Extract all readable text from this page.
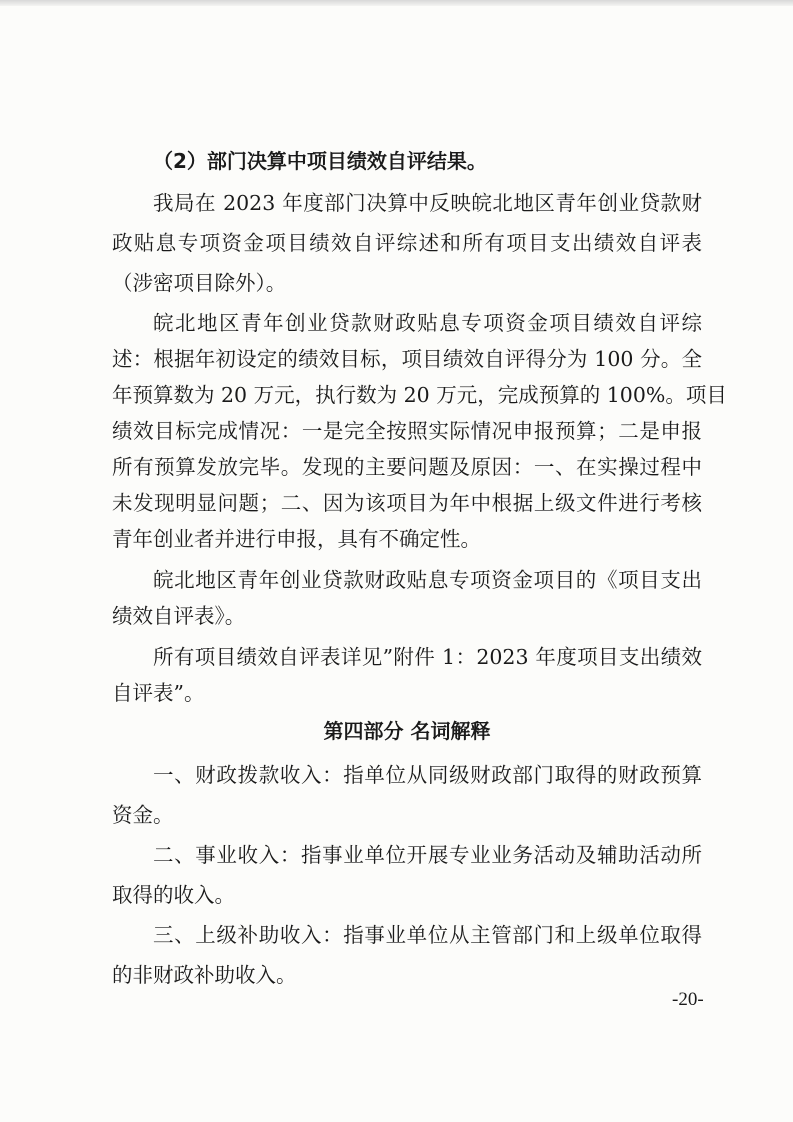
（2）部门决算中项目绩效自评结果。
我局在 2023 年度部门决算中反映皖北地区青年创业贷款财
政贴息专项资金项目绩效自评综述和所有项目支出绩效自评表
（涉密项目除外）。
皖北地区青年创业贷款财政贴息专项资金项目绩效自评综
述：根据年初设定的绩效目标，项目绩效自评得分为 100 分。全
年预算数为 20 万元，执行数为 20 万元，完成预算的 100%。项目
绩效目标完成情况：一是完全按照实际情况申报预算；二是申报
所有预算发放完毕。发现的主要问题及原因：一、在实操过程中
未发现明显问题；二、因为该项目为年中根据上级文件进行考核
青年创业者并进行申报，具有不确定性。
皖北地区青年创业贷款财政贴息专项资金项目的《项目支出
绩效自评表》。
所有项目绩效自评表详见”附件 1：2023 年度项目支出绩效
自评表”。
第四部分 名词解释
一、财政拨款收入：指单位从同级财政部门取得的财政预算
资金。
二、事业收入：指事业单位开展专业业务活动及辅助活动所
取得的收入。
三、上级补助收入：指事业单位从主管部门和上级单位取得
的非财政补助收入。
-20-
